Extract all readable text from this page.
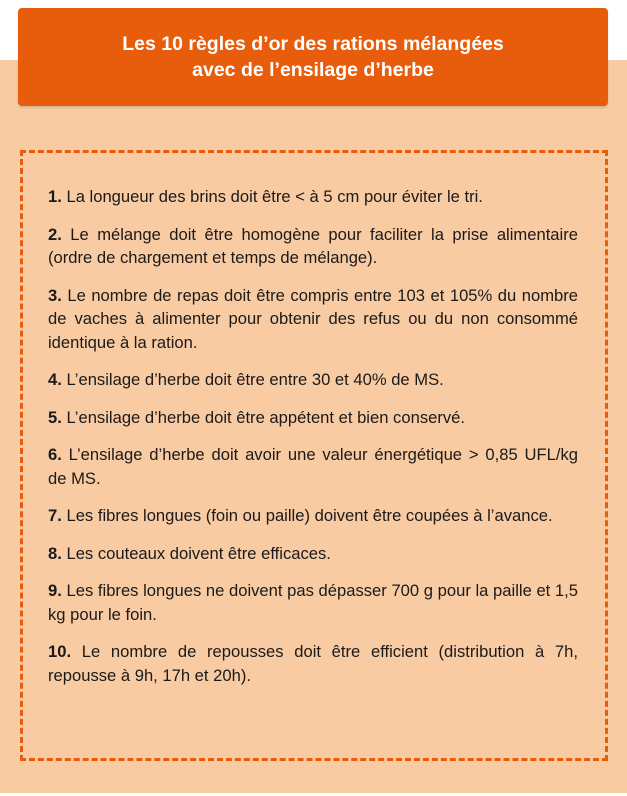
Les 10 règles d’or des rations mélangées
avec de l’ensilage d’herbe
1. La longueur des brins doit être < à 5 cm pour éviter le tri.
2. Le mélange doit être homogène pour faciliter la prise alimentaire (ordre de chargement et temps de mélange).
3. Le nombre de repas doit être compris entre 103 et 105% du nombre de vaches à alimenter pour obtenir des refus ou du non consommé identique à la ration.
4. L’ensilage d’herbe doit être entre 30 et 40% de MS.
5. L’ensilage d’herbe doit être appétent et bien conservé.
6. L’ensilage d’herbe doit avoir une valeur énergétique > 0,85 UFL/kg de MS.
7. Les fibres longues (foin ou paille) doivent être coupées à l’avance.
8. Les couteaux doivent être efficaces.
9. Les fibres longues ne doivent pas dépasser 700 g pour la paille et 1,5 kg pour le foin.
10. Le nombre de repousses doit être efficient (distribution à 7h, repousse à 9h, 17h et 20h).
